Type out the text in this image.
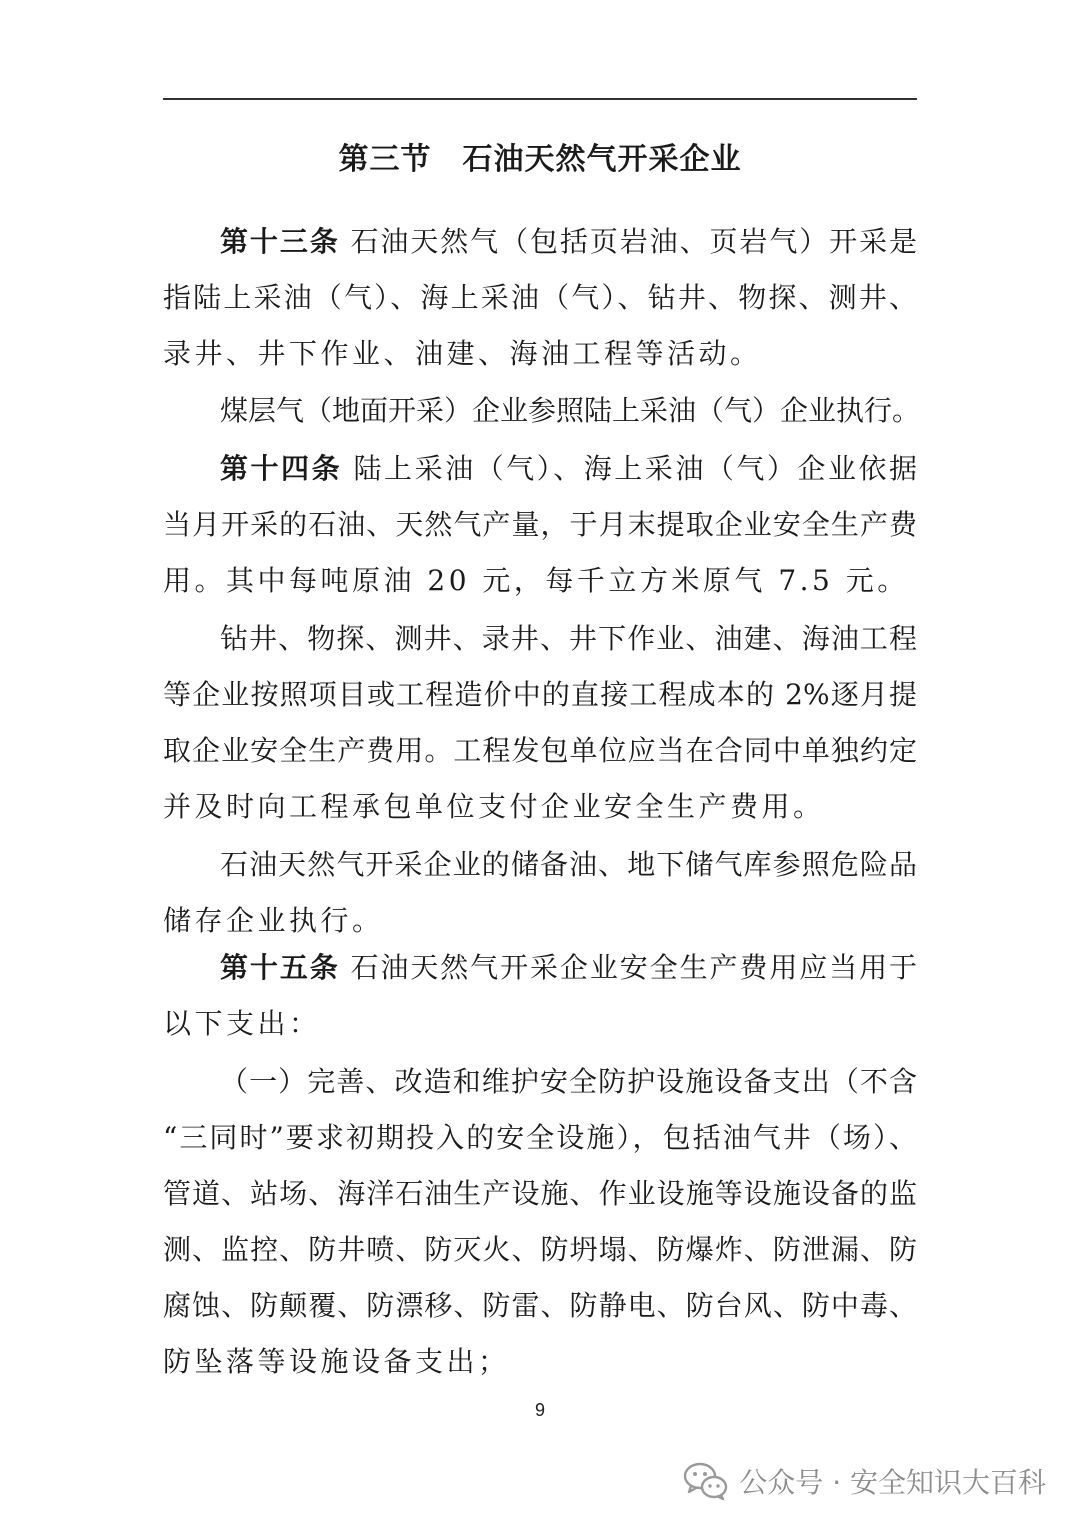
第三节　石油天然气开采企业
第十三条 石油天然气（包括页岩油、页岩气）开采是
指陆上采油（气）、海上采油（气）、钻井、物探、测井、
录井、井下作业、油建、海油工程等活动。
煤层气（地面开采）企业参照陆上采油（气）企业执行。
第十四条 陆上采油（气）、海上采油（气）企业依据
当月开采的石油、天然气产量，于月末提取企业安全生产费
用。其中每吨原油 20 元，每千立方米原气 7.5 元。
钻井、物探、测井、录井、井下作业、油建、海油工程
等企业按照项目或工程造价中的直接工程成本的 2%逐月提
取企业安全生产费用。工程发包单位应当在合同中单独约定
并及时向工程承包单位支付企业安全生产费用。
石油天然气开采企业的储备油、地下储气库参照危险品
储存企业执行。
第十五条 石油天然气开采企业安全生产费用应当用于
以下支出：
（一）完善、改造和维护安全防护设施设备支出（不含
“三同时”要求初期投入的安全设施），包括油气井（场）、
管道、站场、海洋石油生产设施、作业设施等设施设备的监
测、监控、防井喷、防灭火、防坍塌、防爆炸、防泄漏、防
腐蚀、防颠覆、防漂移、防雷、防静电、防台风、防中毒、
防坠落等设施设备支出；
9
公众号 · 安全知识大百科
